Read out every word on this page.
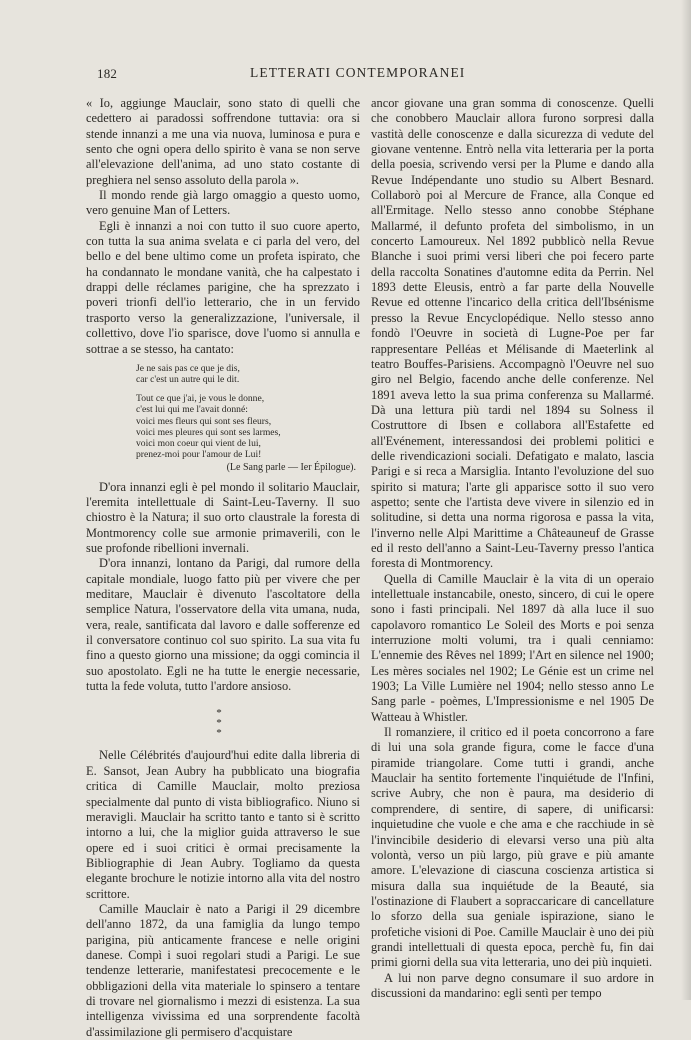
182	LETTERATI CONTEMPORANEI

« Io, aggiunge Mauclair, sono stato di quelli che cedettero ai paradossi soffrendone tuttavia: ora si stende innanzi a me una via nuova, luminosa e pura e sento che ogni opera dello spirito è vana se non serve all'elevazione dell'anima, ad uno stato costante di preghiera nel senso assoluto della parola ».

Il mondo rende già largo omaggio a questo uomo, vero genuine Man of Letters.

Egli è innanzi a noi con tutto il suo cuore aperto, con tutta la sua anima svelata e ci parla del vero, del bello e del bene ultimo come un profeta ispirato, che ha condannato le mondane vanità, che ha calpestato i drappi delle réclames parigine, che ha sprezzato i poveri trionfi dell'io letterario, che in un fervido trasporto verso la generalizzazione, l'universale, il collettivo, dove l'io sparisce, dove l'uomo si annulla e sottrae a se stesso, ha cantato:

Je ne sais pas ce que je dis,
car c'est un autre qui le dit.
Tout ce que j'ai, je vous le donne,
c'est lui qui me l'avait donné:
voici mes fleurs qui sont ses fleurs,
voici mes pleures qui sont ses larmes,
voici mon coeur qui vient de lui,
prenez-moi pour l'amour de Lui!
(Le Sang parle — Ier Épilogue).

D'ora innanzi egli è pel mondo il solitario Mauclair, l'eremita intellettuale di Saint-Leu-Taverny. Il suo chiostro è la Natura; il suo orto claustrale la foresta di Montmorency colle sue armonie primaverili, con le sue profonde ribellioni invernali.

D'ora innanzi, lontano da Parigi, dal rumore della capitale mondiale, luogo fatto più per vivere che per meditare, Mauclair è divenuto l'ascoltatore della semplice Natura, l'osservatore della vita umana, nuda, vera, reale, santificata dal lavoro e dalle sofferenze ed il conversatore continuo col suo spirito. La sua vita fu fino a questo giorno una missione; da oggi comincia il suo apostolato. Egli ne ha tutte le energie necessarie, tutta la fede voluta, tutto l'ardore ansioso.

*
*
*

Nelle Célébrités d'aujourd'hui edite dalla libreria di E. Sansot, Jean Aubry ha pubblicato una biografia critica di Camille Mauclair, molto preziosa specialmente dal punto di vista bibliografico. Niuno si meravigli. Mauclair ha scritto tanto e tanto si è scritto intorno a lui, che la miglior guida attraverso le sue opere ed i suoi critici è ormai precisamente la Bibliographie di Jean Aubry. Togliamo da questa elegante brochure le notizie intorno alla vita del nostro scrittore.

Camille Mauclair è nato a Parigi il 29 dicembre dell'anno 1872, da una famiglia da lungo tempo parigina, più anticamente francese e nelle origini danese. Compì i suoi regolari studi a Parigi. Le sue tendenze letterarie, manifestatesi precocemente e le obbligazioni della vita materiale lo spinsero a tentare di trovare nel giornalismo i mezzi di esistenza. La sua intelligenza vivissima ed una sorprendente facoltà d'assimilazione gli permisero d'acquistare

ancor giovane una gran somma di conoscenze. Quelli che conobbero Mauclair allora furono sorpresi dalla vastità delle conoscenze e dalla sicurezza di vedute del giovane ventenne. Entrò nella vita letteraria per la porta della poesia, scrivendo versi per la Plume e dando alla Revue Indépendante uno studio su Albert Besnard. Collaborò poi al Mercure de France, alla Conque ed all'Ermitage. Nello stesso anno conobbe Stéphane Mallarmé, il defunto profeta del simbolismo, in un concerto Lamoureux. Nel 1892 pubblicò nella Revue Blanche i suoi primi versi liberi che poi fecero parte della raccolta Sonatines d'automne edita da Perrin. Nel 1893 dette Eleusis, entrò a far parte della Nouvelle Revue ed ottenne l'incarico della critica dell'Ibsénisme presso la Revue Encyclopédique. Nello stesso anno fondò l'Oeuvre in società di Lugne-Poe per far rappresentare Pelléas et Mélisande di Maeterlink al teatro Bouffes-Parisiens. Accompagnò l'Oeuvre nel suo giro nel Belgio, facendo anche delle conferenze. Nel 1891 aveva letto la sua prima conferenza su Mallarmé. Dà una lettura più tardi nel 1894 su Solness il Costruttore di Ibsen e collabora all'Estafette ed all'Evénement, interessandosi dei problemi politici e delle rivendicazioni sociali. Defatigato e malato, lascia Parigi e si reca a Marsiglia. Intanto l'evoluzione del suo spirito si matura; l'arte gli apparisce sotto il suo vero aspetto; sente che l'artista deve vivere in silenzio ed in solitudine, si detta una norma rigorosa e passa la vita, l'inverno nelle Alpi Marittime a Châteauneuf de Grasse ed il resto dell'anno a Saint-Leu-Taverny presso l'antica foresta di Montmorency.

Quella di Camille Mauclair è la vita di un operaio intellettuale instancabile, onesto, sincero, di cui le opere sono i fasti principali. Nel 1897 dà alla luce il suo capolavoro romantico Le Soleil des Morts e poi senza interruzione molti volumi, tra i quali cenniamo: L'ennemie des Rêves nel 1899; l'Art en silence nel 1900; Les mères sociales nel 1902; Le Génie est un crime nel 1903; La Ville Lumière nel 1904; nello stesso anno Le Sang parle - poèmes, L'Impressionisme e nel 1905 De Watteau à Whistler.

Il romanziere, il critico ed il poeta concorrono a fare di lui una sola grande figura, come le facce d'una piramide triangolare. Come tutti i grandi, anche Mauclair ha sentito fortemente l'inquiétude de l'Infini, scrive Aubry, che non è paura, ma desiderio di comprendere, di sentire, di sapere, di unificarsi: inquietudine che vuole e che ama e che racchiude in sè l'invincibile desiderio di elevarsi verso una più alta volontà, verso un più largo, più grave e più amante amore. L'elevazione di ciascuna coscienza artistica si misura dalla sua inquiétude de la Beauté, sia l'ostinazione di Flaubert a sopraccaricare di cancellature lo sforzo della sua geniale ispirazione, siano le profetiche visioni di Poe. Camille Mauclair è uno dei più grandi intellettuali di questa epoca, perchè fu, fin dai primi giorni della sua vita letteraria, uno dei più inquieti.

A lui non parve degno consumare il suo ardore in discussioni da mandarino: egli sentì per tempo
